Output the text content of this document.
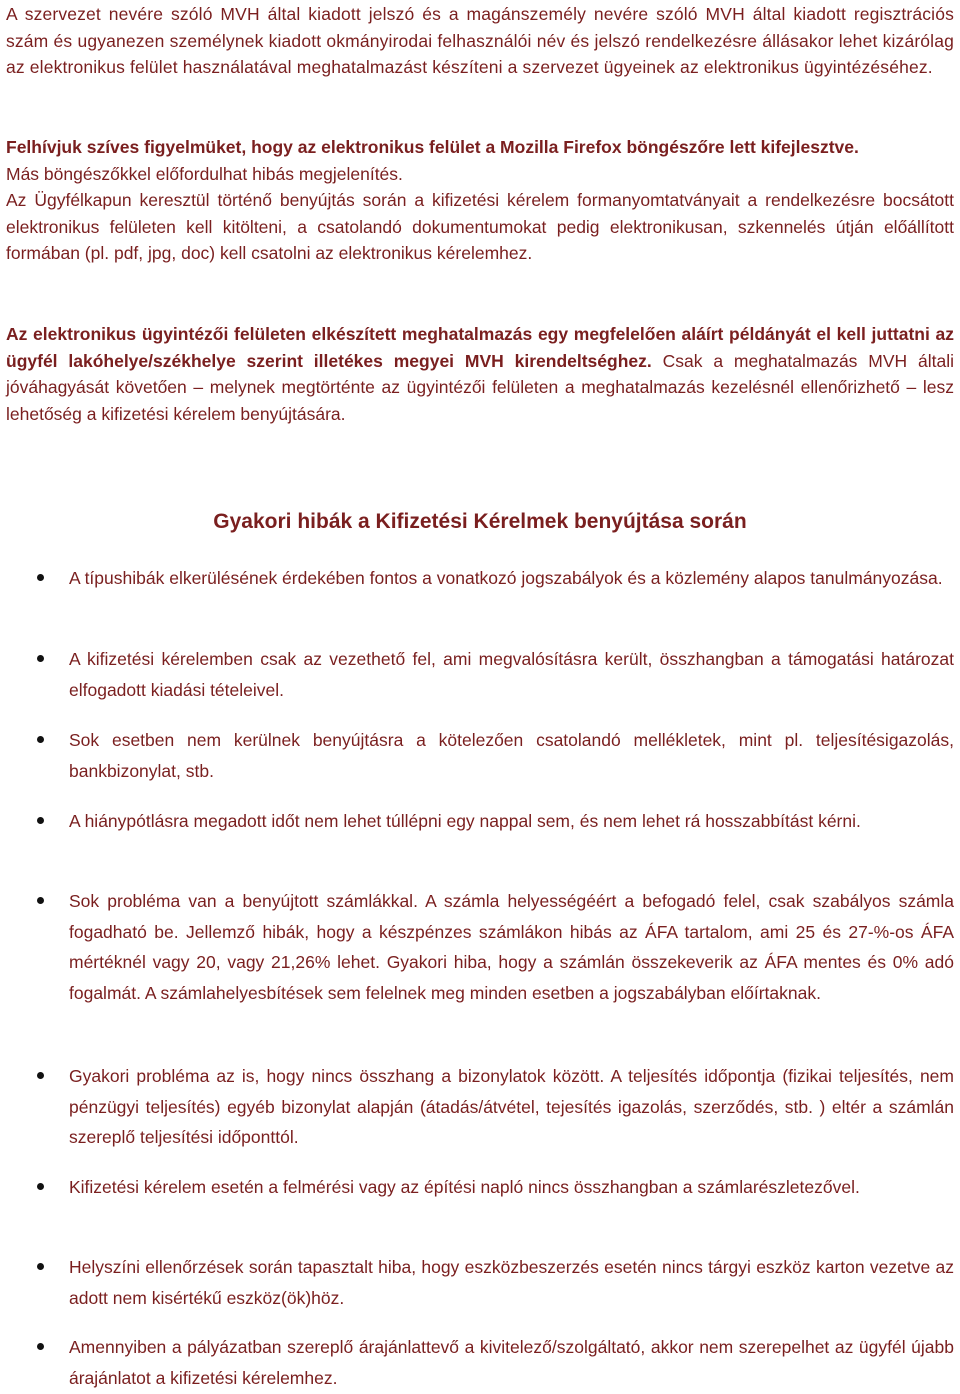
A szervezet nevére szóló MVH által kiadott jelszó és a magánszemély nevére szóló MVH által kiadott regisztrációs szám és ugyanezen személynek kiadott okmányirodai felhasználói név és jelszó rendelkezésre állásakor lehet kizárólag az elektronikus felület használatával meghatalmazást készíteni a szervezet ügyeinek az elektronikus ügyintézéséhez.

Felhívjuk szíves figyelmüket, hogy az elektronikus felület a Mozilla Firefox böngészőre lett kifejlesztve.
Más böngészőkkel előfordulhat hibás megjelenítés.

Az Ügyfélkapun keresztül történő benyújtás során a kifizetési kérelem formanyomtatványait a rendelkezésre bocsátott elektronikus felületen kell kitölteni, a csatolandó dokumentumokat pedig elektronikusan, szkennelés útján előállított formában (pl. pdf, jpg, doc) kell csatolni az elektronikus kérelemhez.

Az elektronikus ügyintézői felületen elkészített meghatalmazás egy megfelelően aláírt példányát el kell juttatni az ügyfél lakóhelye/székhelye szerint illetékes megyei MVH kirendeltséghez. Csak a meghatalmazás MVH általi jóváhagyását követően – melynek megtörténte az ügyintézői felületen a meghatalmazás kezelésnél ellenőrizhető – lesz lehetőség a kifizetési kérelem benyújtására.

Gyakori hibák a Kifizetési Kérelmek benyújtása során

A típushibák elkerülésének érdekében fontos a vonatkozó jogszabályok és a közlemény alapos tanulmányozása.

A kifizetési kérelemben csak az vezethető fel, ami megvalósításra került, összhangban a támogatási határozat elfogadott kiadási tételeivel.

Sok esetben nem kerülnek benyújtásra a kötelezően csatolandó mellékletek, mint pl. teljesítésigazolás, bankbizonylat, stb.

A hiánypótlásra megadott időt nem lehet túllépni egy nappal sem, és nem lehet rá hosszabbítást kérni.

Sok probléma van a benyújtott számlákkal. A számla helyességéért a befogadó felel, csak szabályos számla fogadható be. Jellemző hibák, hogy a készpénzes számlákon hibás az ÁFA tartalom, ami 25 és 27-%-os ÁFA mértéknél vagy 20, vagy 21,26% lehet. Gyakori hiba, hogy a számlán összekeverik az ÁFA mentes és 0% adó fogalmát. A számlahelyesbítések sem felelnek meg minden esetben a jogszabályban előírtaknak.

Gyakori probléma az is, hogy nincs összhang a bizonylatok között. A teljesítés időpontja (fizikai teljesítés, nem pénzügyi teljesítés) egyéb bizonylat alapján (átadás/átvétel, tejesítés igazolás, szerződés, stb. ) eltér a számlán szereplő teljesítési időponttól.

Kifizetési kérelem esetén a felmérési vagy az építési napló nincs összhangban a számlarészletezővel.

Helyszíni ellenőrzések során tapasztalt hiba, hogy eszközbeszerzés esetén nincs tárgyi eszköz karton vezetve az adott nem kisértékű eszköz(ök)höz.

Amennyiben a pályázatban szereplő árajánlattevő a kivitelező/szolgáltató, akkor nem szerepelhet az ügyfél újabb árajánlatot a kifizetési kérelemhez.
